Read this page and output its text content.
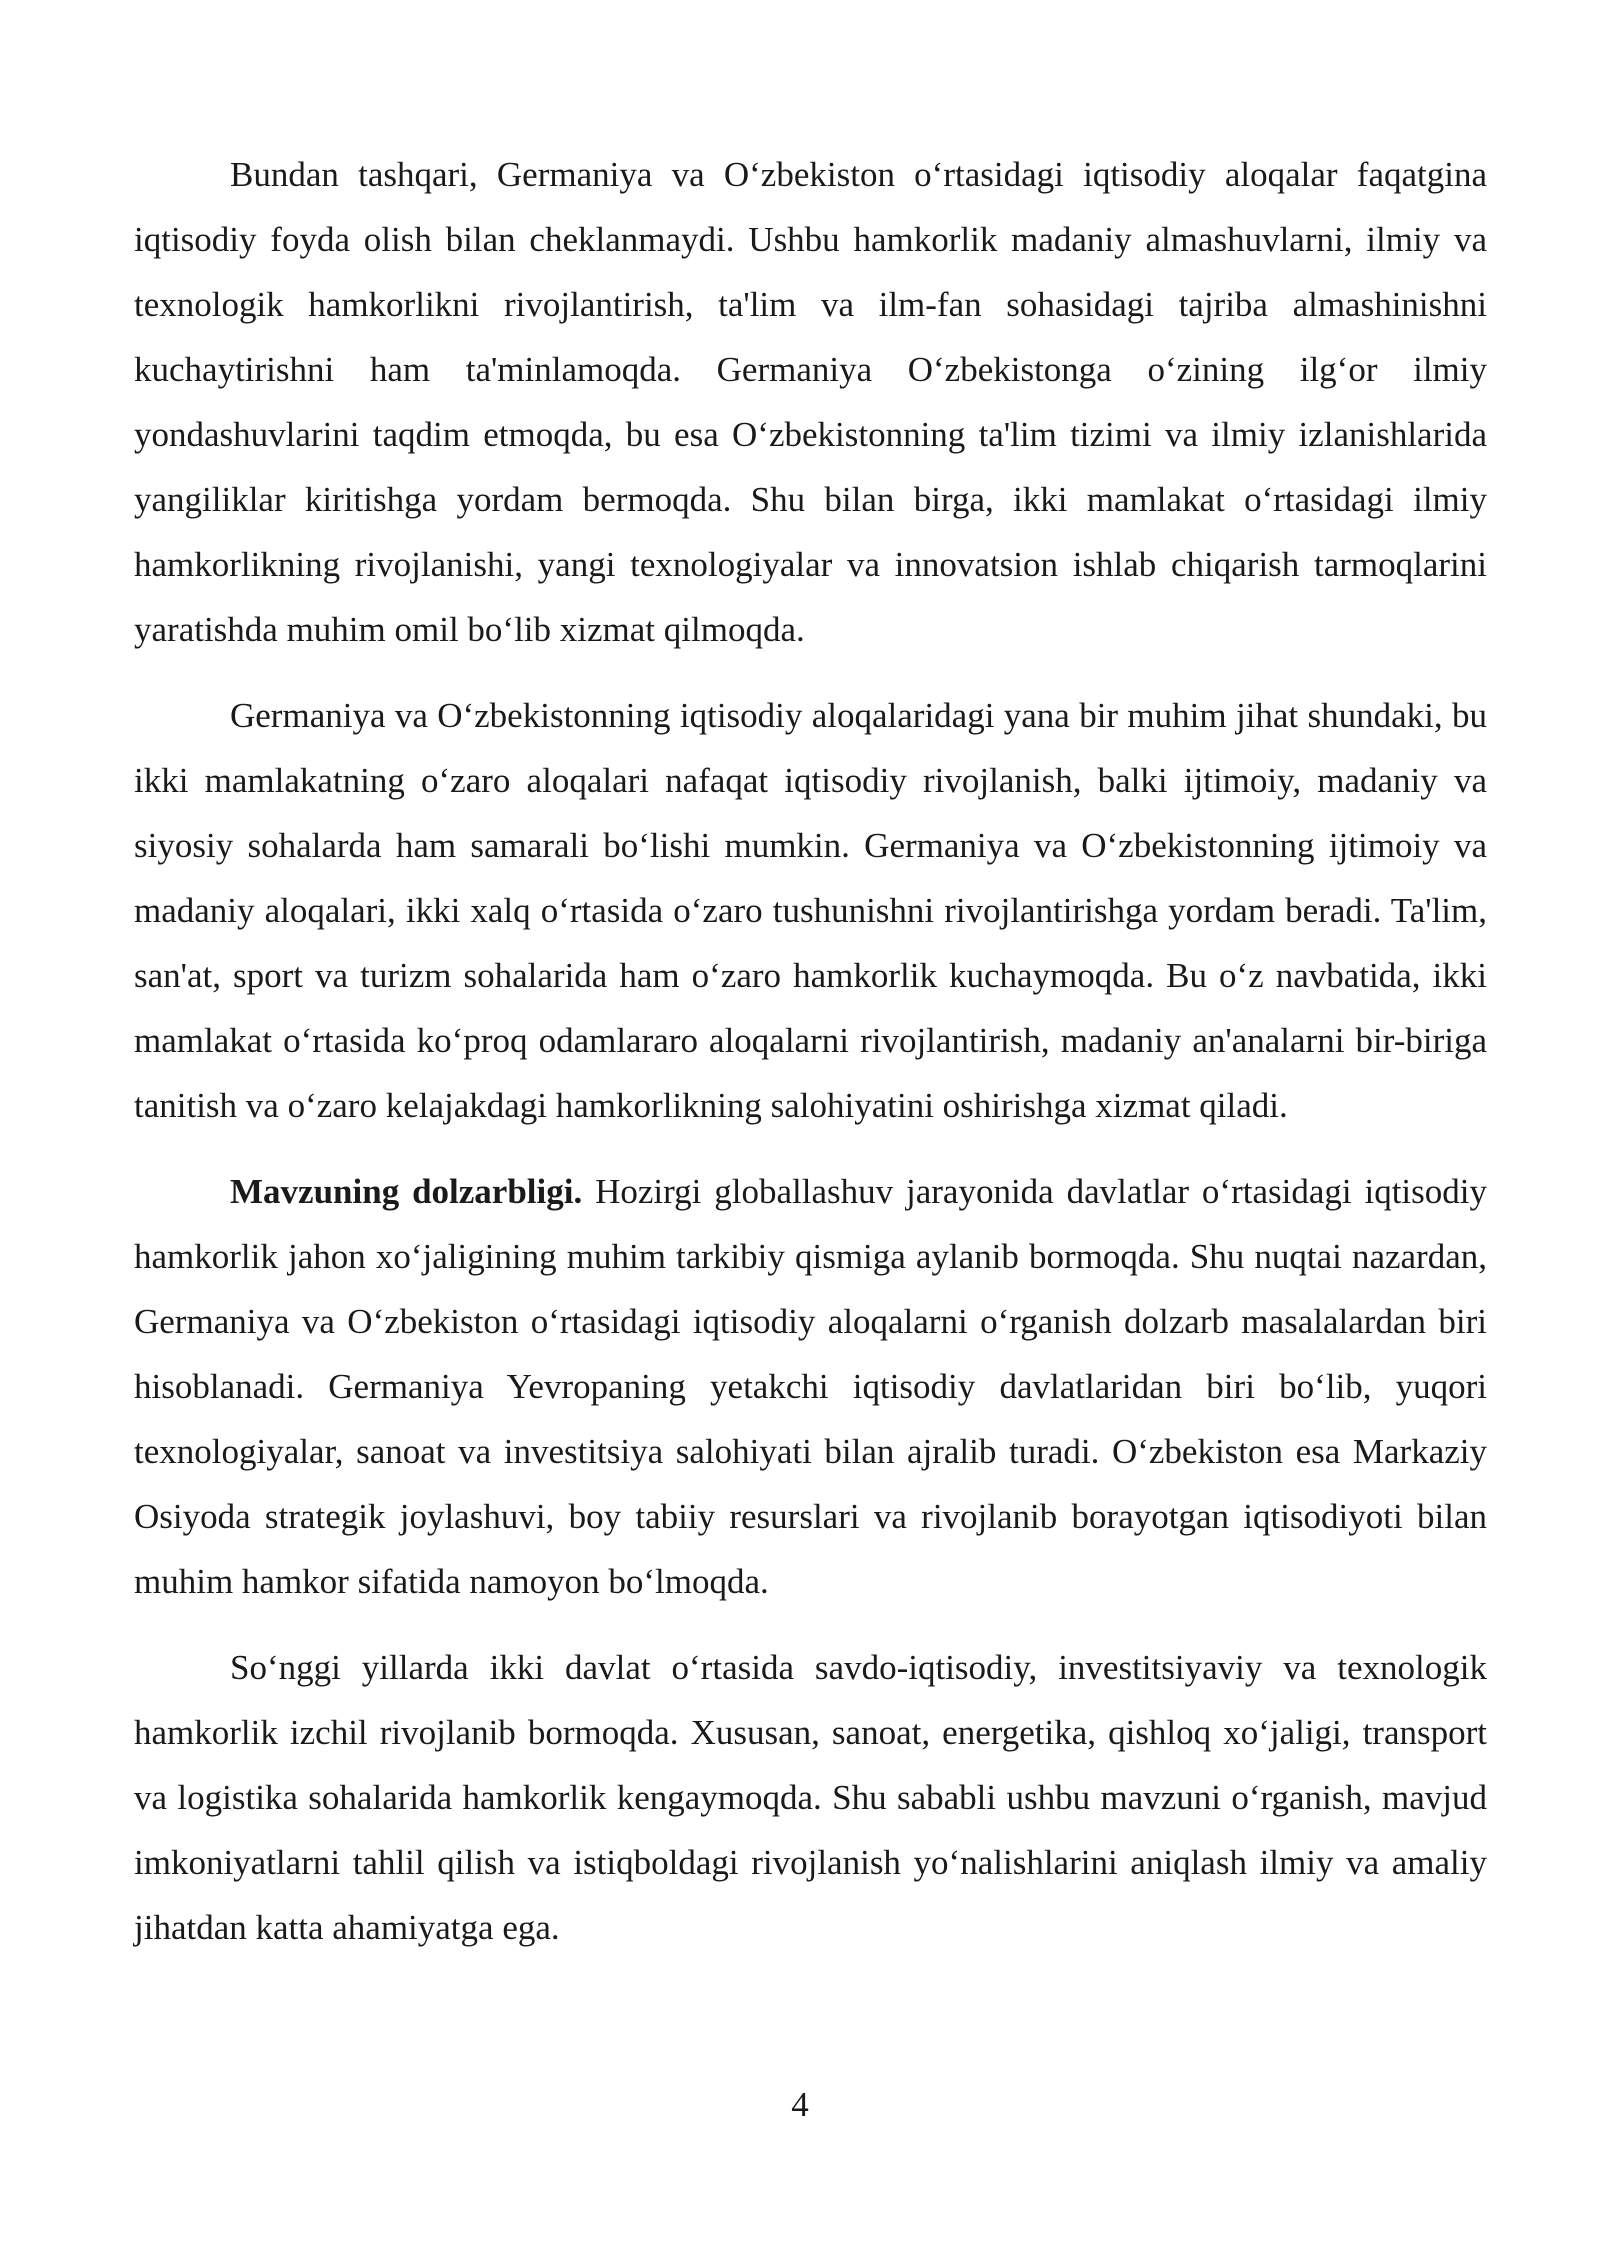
Bundan tashqari, Germaniya va O‘zbekiston o‘rtasidagi iqtisodiy aloqalar faqatgina iqtisodiy foyda olish bilan cheklanmaydi. Ushbu hamkorlik madaniy almashuvlarni, ilmiy va texnologik hamkorlikni rivojlantirish, ta'lim va ilm-fan sohasidagi tajriba almashinishni kuchaytirishni ham ta'minlamoqda. Germaniya O‘zbekistonga o‘zining ilg‘or ilmiy yondashuvlarini taqdim etmoqda, bu esa O‘zbekistonning ta'lim tizimi va ilmiy izlanishlarida yangiliklar kiritishga yordam bermoqda. Shu bilan birga, ikki mamlakat o‘rtasidagi ilmiy hamkorlikning rivojlanishi, yangi texnologiyalar va innovatsion ishlab chiqarish tarmoqlarini yaratishda muhim omil bo‘lib xizmat qilmoqda.

Germaniya va O‘zbekistonning iqtisodiy aloqalaridagi yana bir muhim jihat shundaki, bu ikki mamlakatning o‘zaro aloqalari nafaqat iqtisodiy rivojlanish, balki ijtimoiy, madaniy va siyosiy sohalarda ham samarali bo‘lishi mumkin. Germaniya va O‘zbekistonning ijtimoiy va madaniy aloqalari, ikki xalq o‘rtasida o‘zaro tushunishni rivojlantirishga yordam beradi. Ta'lim, san'at, sport va turizm sohalarida ham o‘zaro hamkorlik kuchaymoqda. Bu o‘z navbatida, ikki mamlakat o‘rtasida ko‘proq odamlararo aloqalarni rivojlantirish, madaniy an'analarni bir-biriga tanitish va o‘zaro kelajakdagi hamkorlikning salohiyatini oshirishga xizmat qiladi.

Mavzuning dolzarbligi. Hozirgi globallashuv jarayonida davlatlar o‘rtasidagi iqtisodiy hamkorlik jahon xo‘jaligining muhim tarkibiy qismiga aylanib bormoqda. Shu nuqtai nazardan, Germaniya va O‘zbekiston o‘rtasidagi iqtisodiy aloqalarni o‘rganish dolzarb masalalardan biri hisoblanadi. Germaniya Yevropaning yetakchi iqtisodiy davlatlaridan biri bo‘lib, yuqori texnologiyalar, sanoat va investitsiya salohiyati bilan ajralib turadi. O‘zbekiston esa Markaziy Osiyoda strategik joylashuvi, boy tabiiy resurslari va rivojlanib borayotgan iqtisodiyoti bilan muhim hamkor sifatida namoyon bo‘lmoqda.

So‘nggi yillarda ikki davlat o‘rtasida savdo-iqtisodiy, investitsiyaviy va texnologik hamkorlik izchil rivojlanib bormoqda. Xususan, sanoat, energetika, qishloq xo‘jaligi, transport va logistika sohalarida hamkorlik kengaymoqda. Shu sababli ushbu mavzuni o‘rganish, mavjud imkoniyatlarni tahlil qilish va istiqboldagi rivojlanish yo‘nalishlarini aniqlash ilmiy va amaliy jihatdan katta ahamiyatga ega.

4
